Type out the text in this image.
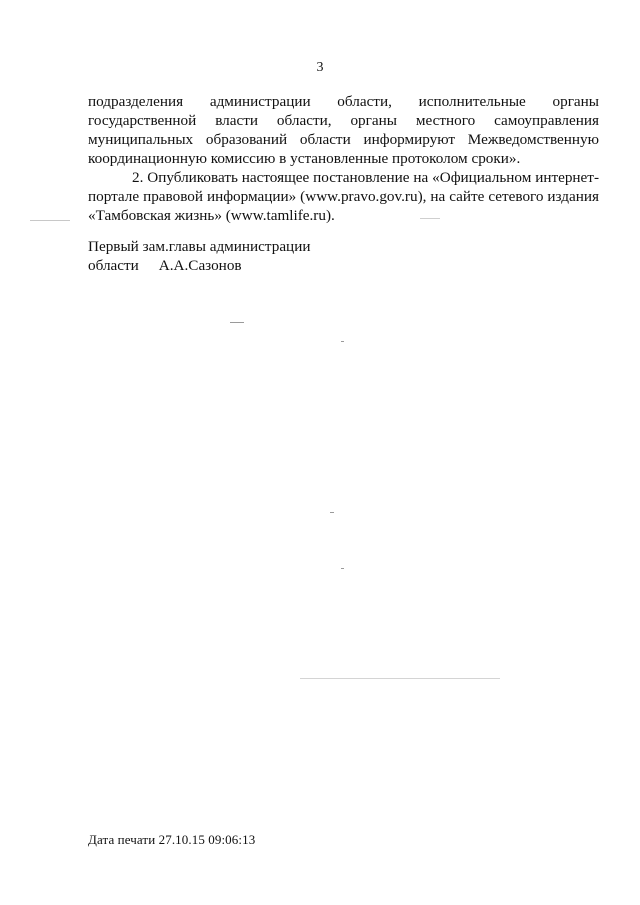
3

подразделения администрации области, исполнительные органы государственной власти области, органы местного самоуправления муниципальных образований области информируют Межведомственную координационную комиссию в установленные протоколом сроки».

2. Опубликовать настоящее постановление на «Официальном интернет-портале правовой информации» (www.pravo.gov.ru), на сайте сетевого издания «Тамбовская жизнь» (www.tamlife.ru).

Первый зам.главы администрации
области А.А.Сазонов
Дата печати 27.10.15 09:06:13
